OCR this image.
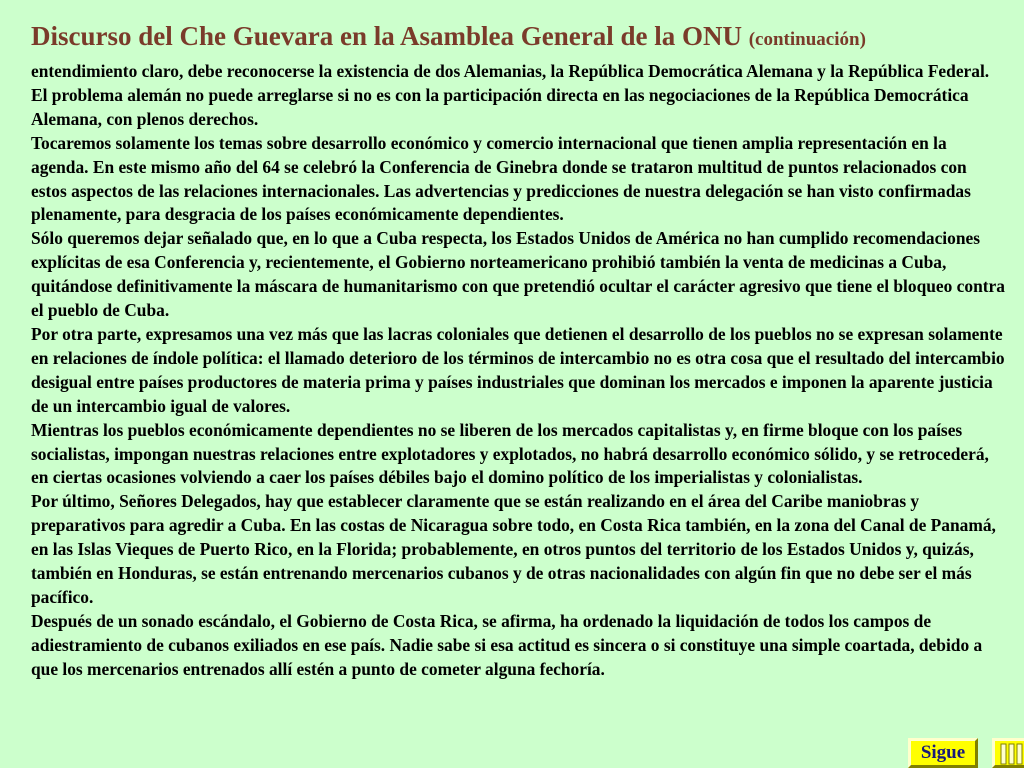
Discurso del Che Guevara en la Asamblea General de la ONU (continuación)

entendimiento claro, debe reconocerse la existencia de dos Alemanias, la República Democrática Alemana y la República Federal. El problema alemán no puede arreglarse si no es con la participación directa en las negociaciones de la República Democrática Alemana, con plenos derechos.

Tocaremos solamente los temas sobre desarrollo económico y comercio internacional que tienen amplia representación en la agenda. En este mismo año del 64 se celebró la Conferencia de Ginebra donde se trataron multitud de puntos relacionados con estos aspectos de las relaciones internacionales. Las advertencias y predicciones de nuestra delegación se han visto confirmadas plenamente, para desgracia de los países económicamente dependientes.

Sólo queremos dejar señalado que, en lo que a Cuba respecta, los Estados Unidos de América no han cumplido recomendaciones explícitas de esa Conferencia y, recientemente, el Gobierno norteamericano prohibió también la venta de medicinas a Cuba, quitándose definitivamente la máscara de humanitarismo con que pretendió ocultar el carácter agresivo que tiene el bloqueo contra el pueblo de Cuba.

Por otra parte, expresamos una vez más que las lacras coloniales que detienen el desarrollo de los pueblos no se expresan solamente en relaciones de índole política: el llamado deterioro de los términos de intercambio no es otra cosa que el resultado del intercambio desigual entre países productores de materia prima y países industriales que dominan los mercados e imponen la aparente justicia de un intercambio igual de valores.

Mientras los pueblos económicamente dependientes no se liberen de los mercados capitalistas y, en firme bloque con los países socialistas, impongan nuestras relaciones entre explotadores y explotados, no habrá desarrollo económico sólido, y se retrocederá, en ciertas ocasiones volviendo a caer los países débiles bajo el domino político de los imperialistas y colonialistas.

Por último, Señores Delegados, hay que establecer claramente que se están realizando en el área del Caribe maniobras y preparativos para agredir a Cuba. En las costas de Nicaragua sobre todo, en Costa Rica también, en la zona del Canal de Panamá, en las Islas Vieques de Puerto Rico, en la Florida; probablemente, en otros puntos del territorio de los Estados Unidos y, quizás, también en Honduras, se están entrenando mercenarios cubanos y de otras nacionalidades con algún fin que no debe ser el más pacífico.

Después de un sonado escándalo, el Gobierno de Costa Rica, se afirma, ha ordenado la liquidación de todos los campos de adiestramiento de cubanos exiliados en ese país. Nadie sabe si esa actitud es sincera o si constituye una simple coartada, debido a que los mercenarios entrenados allí estén a punto de cometer alguna fechoría.

Sigue
